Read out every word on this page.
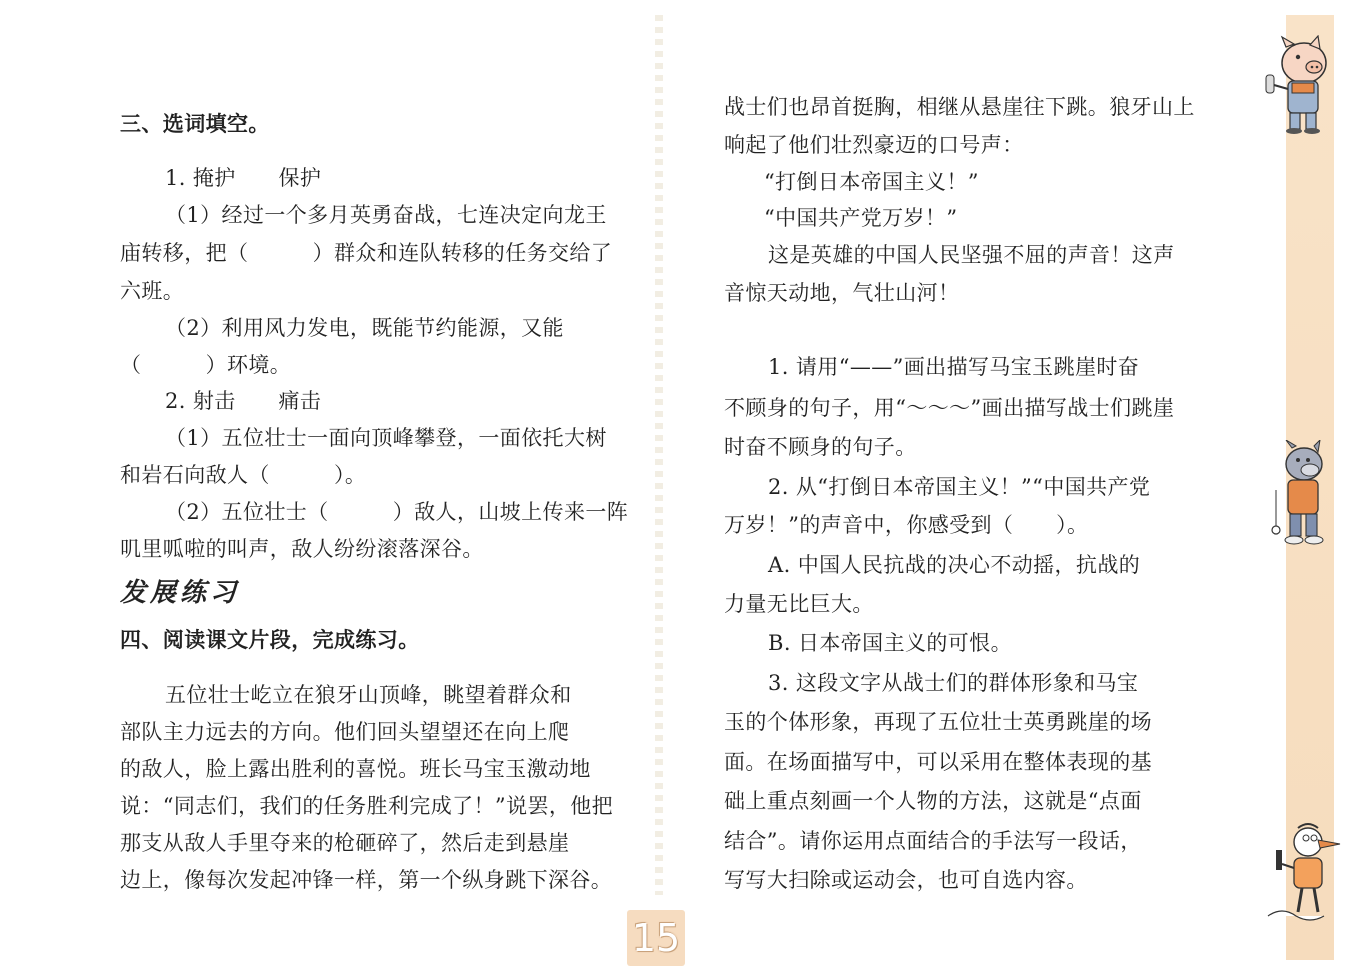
三、选词填空。
1. 掩护　　保护
（1）经过一个多月英勇奋战，七连决定向龙王
庙转移，把（　　　）群众和连队转移的任务交给了
六班。
（2）利用风力发电，既能节约能源，又能
（　　　）环境。
2. 射击　　痛击
（1）五位壮士一面向顶峰攀登，一面依托大树
和岩石向敌人（　　　）。
（2）五位壮士（　　　）敌人，山坡上传来一阵
叽里呱啦的叫声，敌人纷纷滚落深谷。
发展练习
四、阅读课文片段，完成练习。
五位壮士屹立在狼牙山顶峰，眺望着群众和
部队主力远去的方向。他们回头望望还在向上爬
的敌人，脸上露出胜利的喜悦。班长马宝玉激动地
说：“同志们，我们的任务胜利完成了！”说罢，他把
那支从敌人手里夺来的枪砸碎了，然后走到悬崖
边上，像每次发起冲锋一样，第一个纵身跳下深谷。
15
战士们也昂首挺胸，相继从悬崖往下跳。狼牙山上
响起了他们壮烈豪迈的口号声：
“打倒日本帝国主义！”
“中国共产党万岁！”
这是英雄的中国人民坚强不屈的声音！这声
音惊天动地，气壮山河！
1. 请用“——”画出描写马宝玉跳崖时奋
不顾身的句子，用“～～～”画出描写战士们跳崖
时奋不顾身的句子。
2. 从“打倒日本帝国主义！”“中国共产党
万岁！”的声音中，你感受到（　　）。
A. 中国人民抗战的决心不动摇，抗战的
力量无比巨大。
B. 日本帝国主义的可恨。
3. 这段文字从战士们的群体形象和马宝
玉的个体形象，再现了五位壮士英勇跳崖的场
面。在场面描写中，可以采用在整体表现的基
础上重点刻画一个人物的方法，这就是“点面
结合”。请你运用点面结合的手法写一段话，
写写大扫除或运动会，也可自选内容。
